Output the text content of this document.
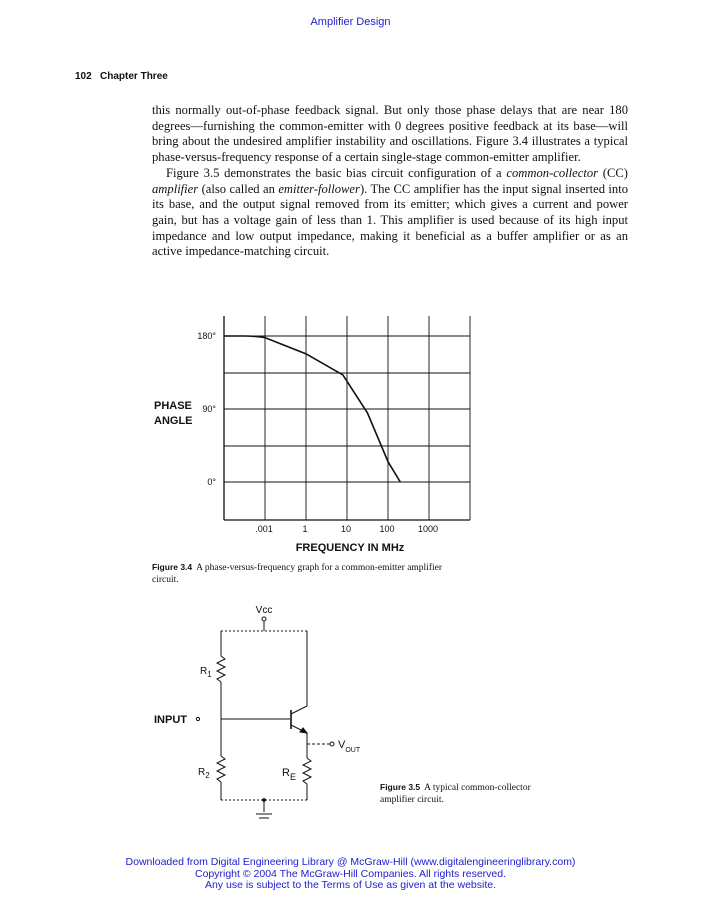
Amplifier Design
102 Chapter Three

this normally out-of-phase feedback signal. But only those phase delays that are near 180 degrees—furnishing the common-emitter with 0 degrees positive feedback at its base—will bring about the undesired amplifier instability and oscillations. Figure 3.4 illustrates a typical phase-versus-frequency response of a certain single-stage common-emitter amplifier.

Figure 3.5 demonstrates the basic bias circuit configuration of a common-collector (CC) amplifier (also called an emitter-follower). The CC amplifier has the input signal inserted into its base, and the output signal removed from its emitter; which gives a current and power gain, but has a voltage gain of less than 1. This amplifier is used because of its high input impedance and low output impedance, making it beneficial as a buffer amplifier or as an active impedance-matching circuit.

0°
90°
180°
.001	1	10	100	1000
PHASE
ANGLE
FREQUENCY IN MHz
Figure 3.4 A phase-versus-frequency graph for a common-emitter amplifier circuit.
Vcc
$R_1$
INPUT
$V_{OUT}$
$R_2$	$R_E$
Figure 3.5 A typical common-collector amplifier circuit.
Downloaded from Digital Engineering Library @ McGraw-Hill (www.digitalengineeringlibrary.com)
Copyright © 2004 The McGraw-Hill Companies. All rights reserved.
Any use is subject to the Terms of Use as given at the website.
